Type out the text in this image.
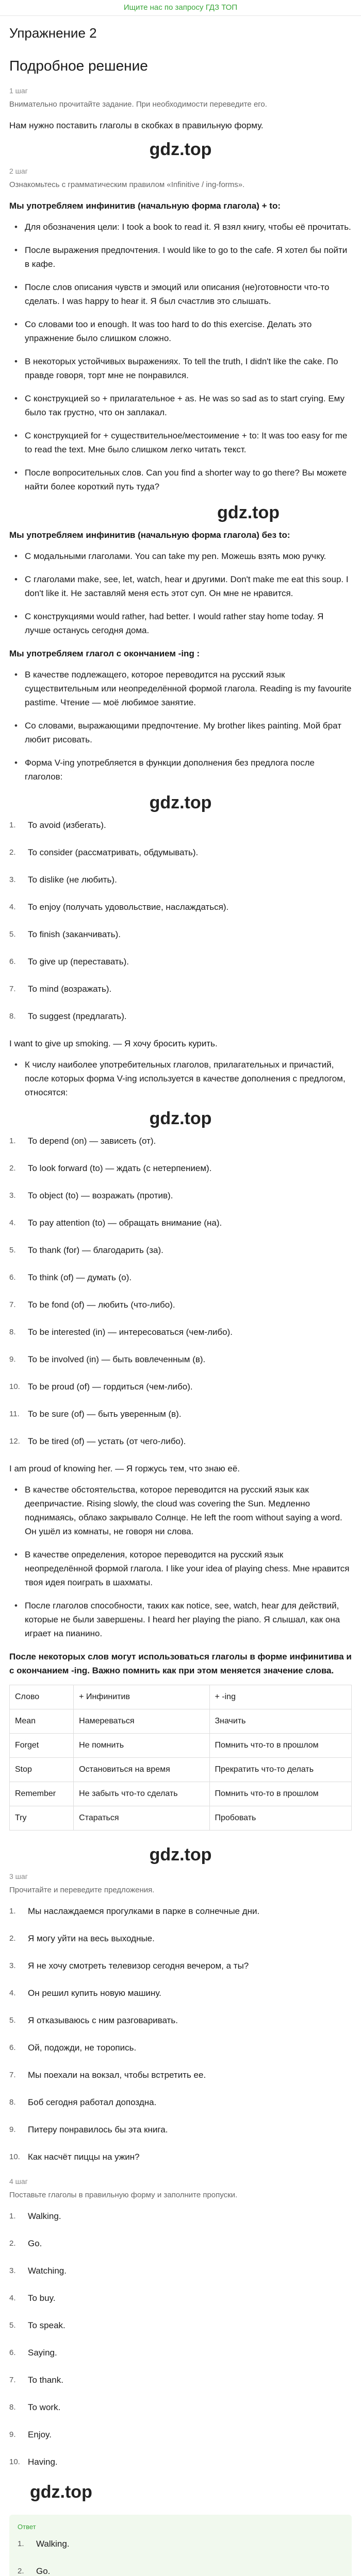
Ищите нас по запросу ГДЗ ТОП
Упражнение 2
Подробное решение
1 шаг
Внимательно прочитайте задание. При необходимости переведите его.

Нам нужно поставить глаголы в скобках в правильную форму.

gdz.top
2 шаг
Ознакомьтесь с грамматическим правилом «Infinitive / ing-forms».

Мы употребляем инфинитив (начальную форма глагола) + to:

• Для обозначения цели: I took a book to read it. Я взял книгу, чтобы её прочитать.
• После выражения предпочтения. I would like to go to the cafe. Я хотел бы пойти в кафе.
• После слов описания чувств и эмоций или описания (не)готовности что-то сделать. I was happy to hear it. Я был счастлив это слышать.
• Со словами too и enough. It was too hard to do this exercise. Делать это упражнение было слишком сложно.
• В некоторых устойчивых выражениях. To tell the truth, I didn't like the cake. По правде говоря, торт мне не понравился.
• С конструкцией so + прилагательное + as. He was so sad as to start crying. Ему было так грустно, что он заплакал.
• С конструкцией for + существительное/местоимение + to: It was too easy for me to read the text. Мне было слишком легко читать текст.
• После вопросительных слов. Can you find a shorter way to go there? Вы можете найти более короткий путь туда?
gdz.top

Мы употребляем инфинитив (начальную форма глагола) без to:

• С модальными глаголами. You can take my pen. Можешь взять мою ручку.
• С глаголами make, see, let, watch, hear и другими. Don't make me eat this soup. I don't like it. Не заставляй меня есть этот суп. Он мне не нравится.
• С конструкциями would rather, had better. I would rather stay home today. Я лучше останусь сегодня дома.

Мы употребляем глагол с окончанием -ing :

• В качестве подлежащего, которое переводится на русский язык существительным или неопределённой формой глагола. Reading is my favourite pastime. Чтение — моё любимое занятие.
• Со словами, выражающими предпочтение. My brother likes painting. Мой брат любит рисовать.
• Форма V-ing употребляется в функции дополнения без предлога после глаголов:
gdz.top
1.	To avoid (избегать).
2.	To consider (рассматривать, обдумывать).
3.	To dislike (не любить).
4.	To enjoy (получать удовольствие, наслаждаться).
5.	To finish (заканчивать).
6.	To give up (переставать).
7.	To mind (возражать).
8.	To suggest (предлагать).

I want to give up smoking. — Я хочу бросить курить.

• К числу наиболее употребительных глаголов, прилагательных и причастий, после которых форма V-ing используется в качестве дополнения с предлогом, относятся:
gdz.top
1.	To depend (on) — зависеть (от).
2.	To look forward (to) — ждать (с нетерпением).
3.	To object (to) — возражать (против).
4.	To pay attention (to) — обращать внимание (на).
5.	To thank (for) — благодарить (за).
6.	To think (of) — думать (о).
7.	To be fond (of) — любить (что-либо).
8.	To be interested (in) — интересоваться (чем-либо).
9.	To be involved (in) — быть вовлеченным (в).
10. To be proud (of) — гордиться (чем-либо).
11. To be sure (of) — быть уверенным (в).
12. To be tired (of) — устать (от чего-либо).

I am proud of knowing her. — Я горжусь тем, что знаю её.

• В качестве обстоятельства, которое переводится на русский язык как деепричастие. Rising slowly, the cloud was covering the Sun. Медленно поднимаясь, облако закрывало Солнце. He left the room without saying a word. Он ушёл из комнаты, не говоря ни слова.
• В качестве определения, которое переводится на русский язык неопределённой формой глагола. I like your idea of playing chess. Мне нравится твоя идея поиграть в шахматы.
• После глаголов способности, таких как notice, see, watch, hear для действий, которые не были завершены. I heard her playing the piano. Я слышал, как она играет на пианино.

После некоторых слов могут использоваться глаголы в форме инфинитива и с окончанием -ing. Важно помнить как при этом меняется значение слова.

Слово	+ Инфинитив	+ -ing
Mean	Намереваться	Значить
Forget	Не помнить	Помнить что-то в прошлом
Stop	Остановиться на время	Прекратить что-то делать
Remember	Не забыть что-то сделать	Помнить что-то в прошлом
Try	Стараться	Пробовать
gdz.top
3 шаг
Прочитайте и переведите предложения.
1.	Мы наслаждаемся прогулками в парке в солнечные дни.
2.	Я могу уйти на весь выходные.
3.	Я не хочу смотреть телевизор сегодня вечером, а ты?
4.	Он решил купить новую машину.
5.	Я отказываюсь с ним разговаривать.
6.	Ой, подожди, не торопись.
7.	Мы поехали на вокзал, чтобы встретить ее.
8.	Боб сегодня работал допоздна.
9.	Питеру понравилось бы эта книга.
10. Как насчёт пиццы на ужин?
4 шаг
Поставьте глаголы в правильную форму и заполните пропуски.
1.	Walking.
2.	Go.
3.	Watching.
4.	To buy.
5.	To speak.
6.	Saying.
7.	To thank.
8.	To work.
9.	Enjoy.
10. Having.
gdz.top
Ответ
1.	Walking.
2.	Go.
